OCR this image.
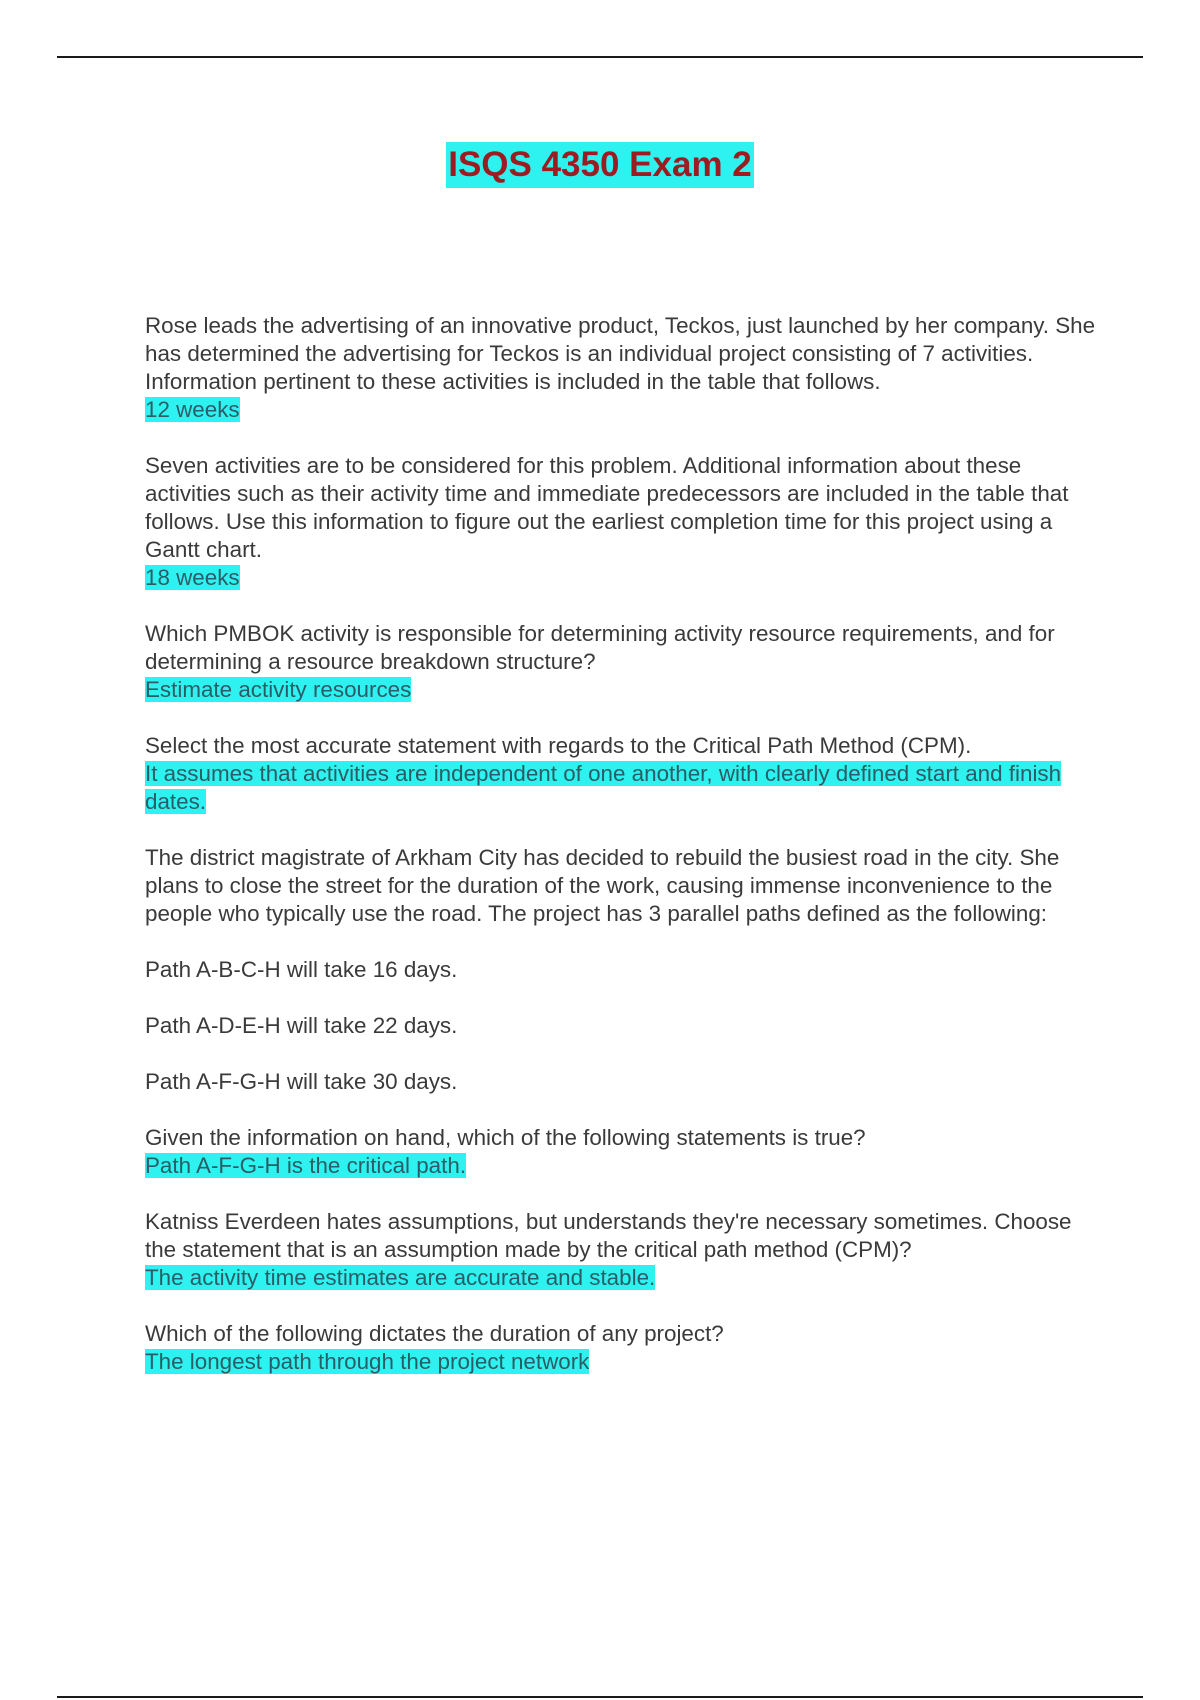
ISQS 4350 Exam 2
Rose leads the advertising of an innovative product, Teckos, just launched by her company. She has determined the advertising for Teckos is an individual project consisting of 7 activities. Information pertinent to these activities is included in the table that follows.
12 weeks
Seven activities are to be considered for this problem. Additional information about these activities such as their activity time and immediate predecessors are included in the table that follows. Use this information to figure out the earliest completion time for this project using a Gantt chart.
18 weeks
Which PMBOK activity is responsible for determining activity resource requirements, and for determining a resource breakdown structure?
Estimate activity resources
Select the most accurate statement with regards to the Critical Path Method (CPM).
It assumes that activities are independent of one another, with clearly defined start and finish dates.
The district magistrate of Arkham City has decided to rebuild the busiest road in the city. She plans to close the street for the duration of the work, causing immense inconvenience to the people who typically use the road. The project has 3 parallel paths defined as the following:
Path A-B-C-H will take 16 days.
Path A-D-E-H will take 22 days.
Path A-F-G-H will take 30 days.
Given the information on hand, which of the following statements is true?
Path A-F-G-H is the critical path.
Katniss Everdeen hates assumptions, but understands they're necessary sometimes. Choose the statement that is an assumption made by the critical path method (CPM)?
The activity time estimates are accurate and stable.
Which of the following dictates the duration of any project?
The longest path through the project network
